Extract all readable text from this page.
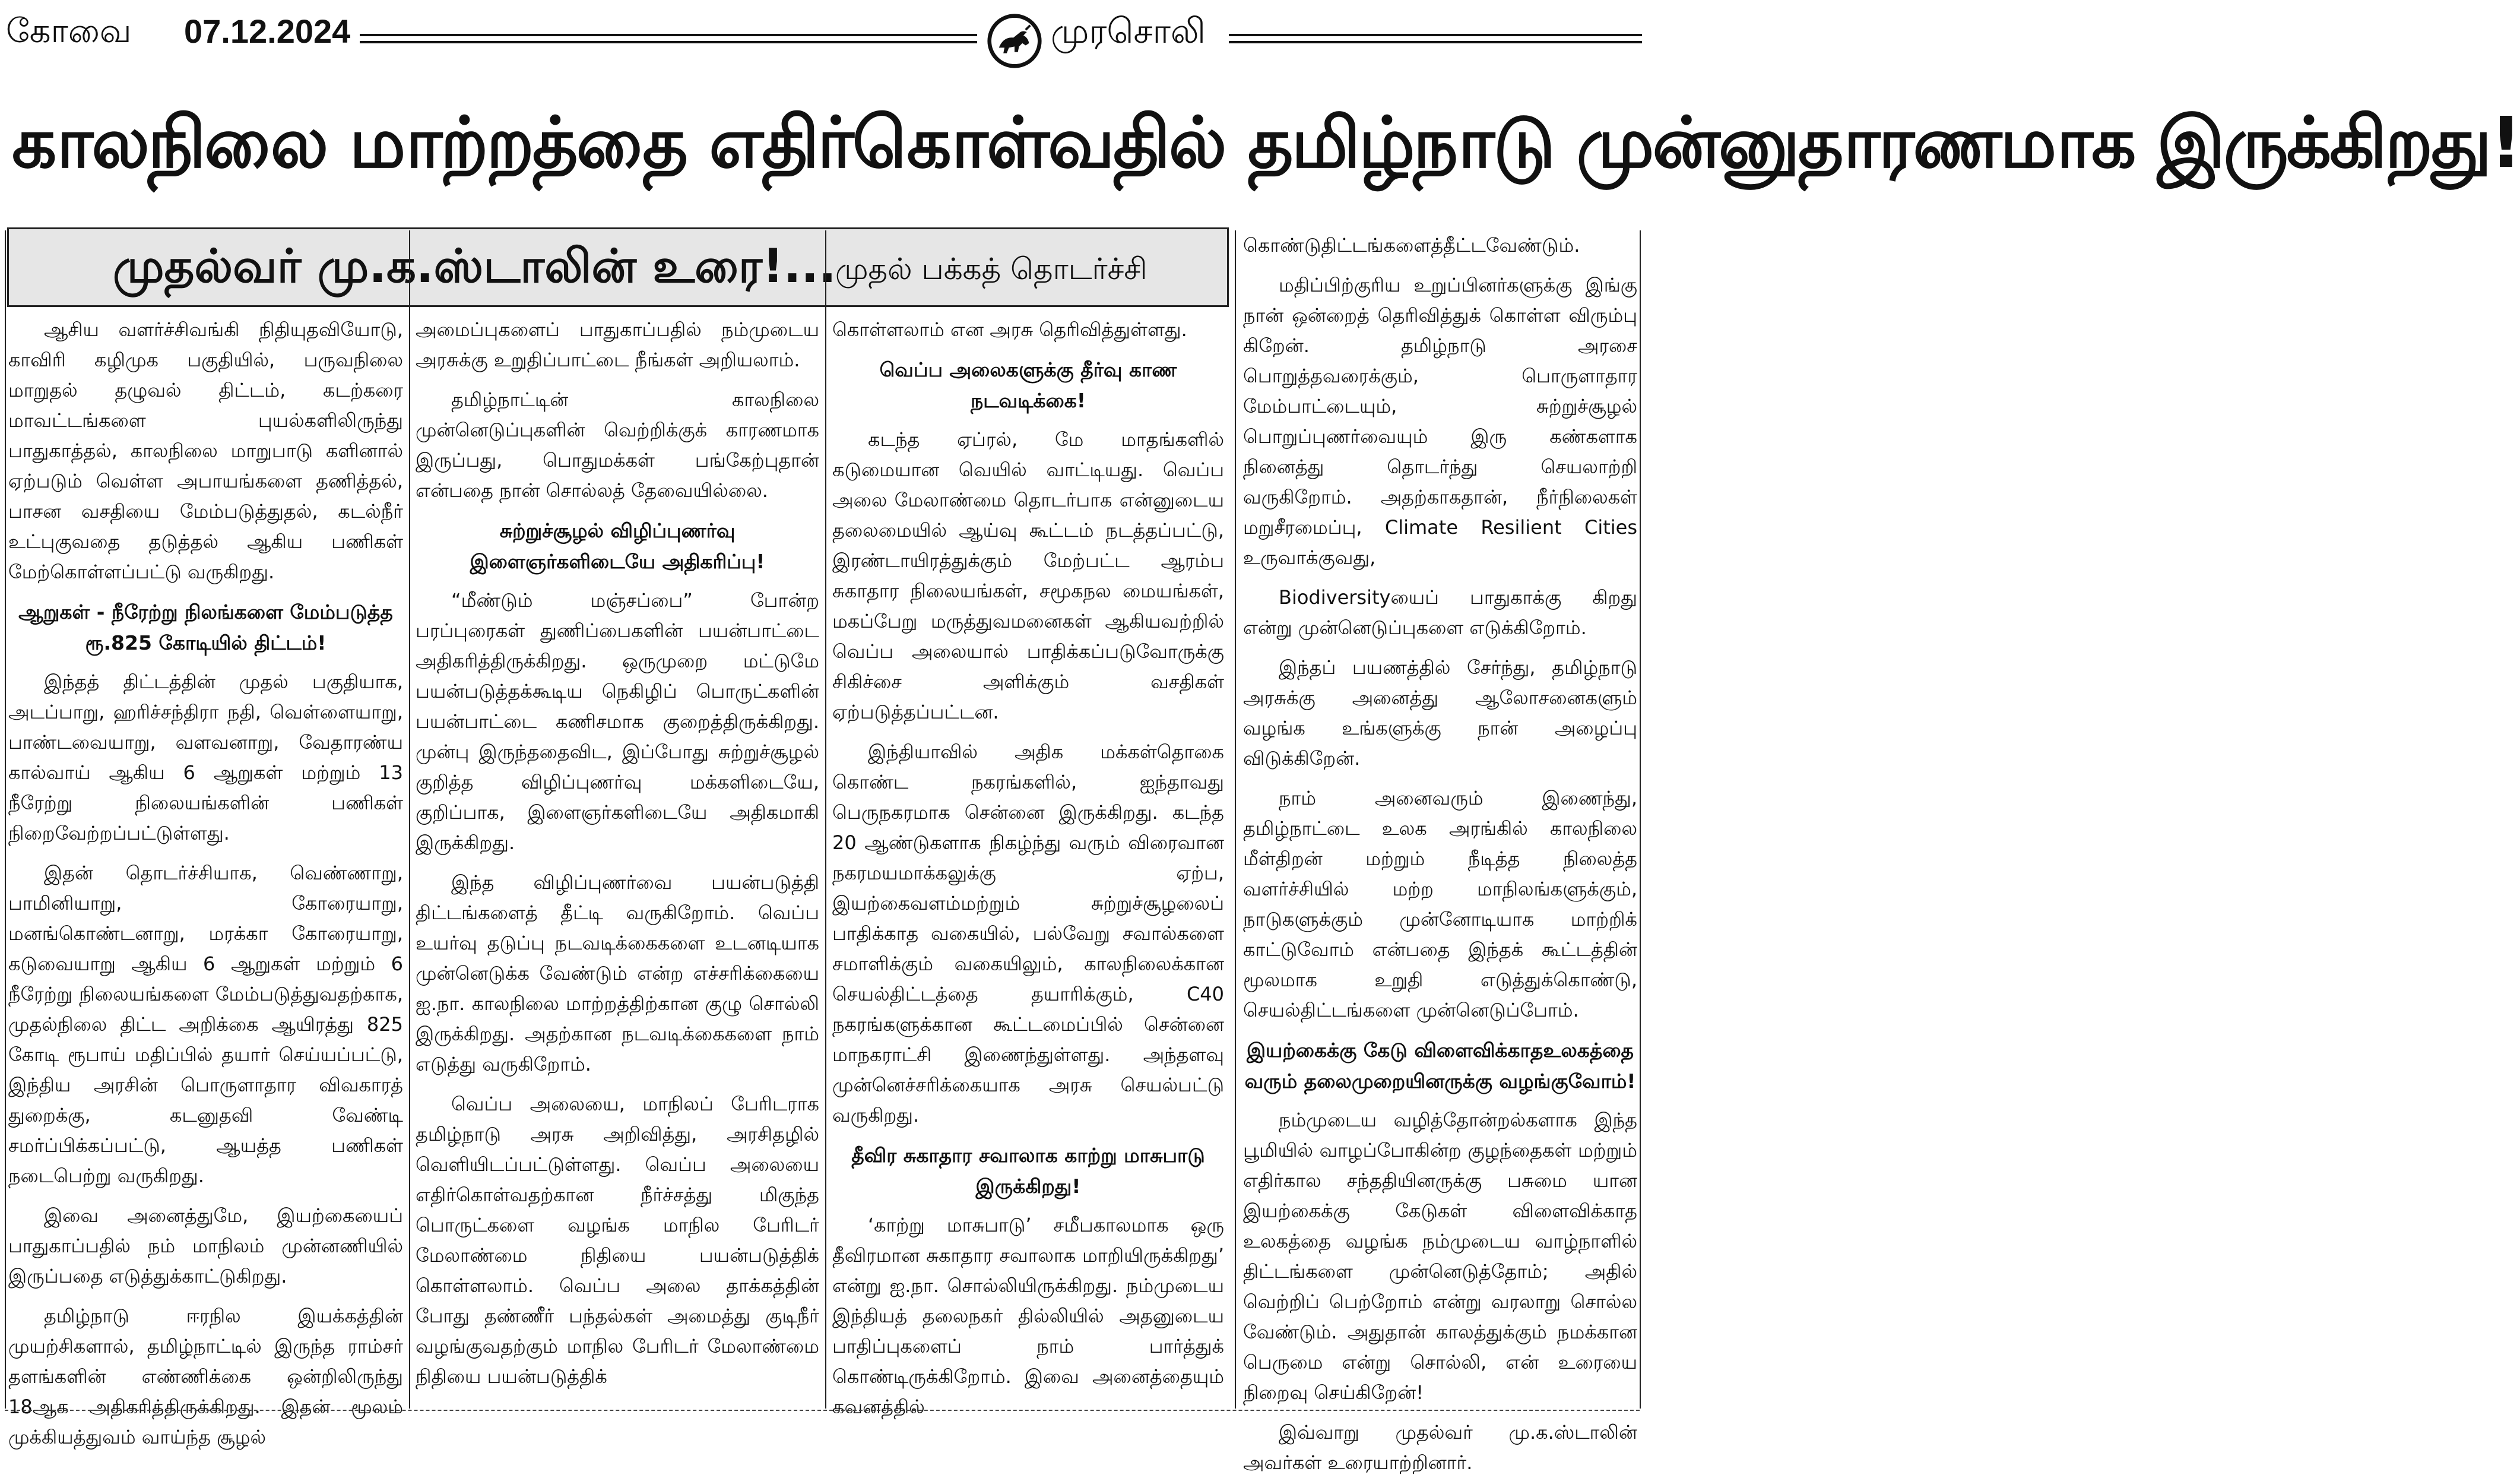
கோவை 07.12.2024	முரசொலி
காலநிலை மாற்றத்தை எதிர்கொள்வதில் தமிழ்நாடு முன்னுதாரணமாக இருக்கிறது!
முதல்வர் மு.க.ஸ்டாலின் உரை!...
முதல் பக்கத் தொடர்ச்சி

ஆசிய வளர்ச்சிவங்கி நிதியுதவியோடு, காவிரி கழிமுக பகுதியில், பருவநிலை மாறுதல் தழுவல் திட்டம், கடற்கரை மாவட்டங்களை புயல்களிலிருந்து பாதுகாத்தல், காலநிலை மாறுபாடு களினால் ஏற்படும் வெள்ள அபாயங்களை தணித்தல், பாசன வசதியை மேம்படுத்துதல், கடல்நீர் உட்புகுவதை தடுத்தல் ஆகிய பணிகள் மேற்கொள்ளப்பட்டு வருகிறது.

ஆறுகள் - நீரேற்று நிலங்களை மேம்படுத்த ரூ.825 கோடியில் திட்டம்!

இந்தத் திட்டத்தின் முதல் பகுதியாக, அடப்பாறு, ஹரிச்சந்திரா நதி, வெள்ளையாறு, பாண்டவையாறு, வளவனாறு, வேதாரண்ய கால்வாய் ஆகிய 6 ஆறுகள் மற்றும் 13 நீரேற்று நிலையங்களின் பணிகள் நிறைவேற்றப்பட்டுள்ளது.

இதன் தொடர்ச்சியாக, வெண்ணாறு, பாமினியாறு, கோரையாறு, மனங்கொண்டனாறு, மரக்கா கோரையாறு, கடுவையாறு ஆகிய 6 ஆறுகள் மற்றும் 6 நீரேற்று நிலையங்களை மேம்படுத்துவதற்காக, முதல்நிலை திட்ட அறிக்கை ஆயிரத்து 825 கோடி ரூபாய் மதிப்பில் தயார் செய்யப்பட்டு, இந்திய அரசின் பொருளாதார விவகாரத் துறைக்கு, கடனுதவி வேண்டி சமர்ப்பிக்கப்பட்டு, ஆயத்த பணிகள் நடைபெற்று வருகிறது.

இவை அனைத்துமே, இயற்கையைப் பாதுகாப்பதில் நம் மாநிலம் முன்னணியில் இருப்பதை எடுத்துக்காட்டுகிறது.

தமிழ்நாடு ஈரநில இயக்கத்தின் முயற்சிகளால், தமிழ்நாட்டில் இருந்த ராம்சர் தளங்களின் எண்ணிக்கை ஒன்றிலிருந்து 18ஆக அதிகரித்திருக்கிறது. இதன் மூலம் முக்கியத்துவம் வாய்ந்த சூழல்

அமைப்புகளைப் பாதுகாப்பதில் நம்முடைய அரசுக்கு உறுதிப்பாட்டை நீங்கள் அறியலாம்.

தமிழ்நாட்டின் காலநிலை முன்னெடுப்புகளின் வெற்றிக்குக் காரணமாக இருப்பது, பொதுமக்கள் பங்கேற்புதான் என்பதை நான் சொல்லத் தேவையில்லை.

சுற்றுச்சூழல் விழிப்புணர்வு இளைஞர்களிடையே அதிகரிப்பு!

“மீண்டும் மஞ்சப்பை” போன்ற பரப்புரைகள் துணிப்பைகளின் பயன்பாட்டை அதிகரித்திருக்கிறது. ஒருமுறை மட்டுமே பயன்படுத்தக்கூடிய நெகிழிப் பொருட்களின் பயன்பாட்டை கணிசமாக குறைத்திருக்கிறது. முன்பு இருந்ததைவிட, இப்போது சுற்றுச்சூழல் குறித்த விழிப்புணர்வு மக்களிடையே, குறிப்பாக, இளைஞர்களிடையே அதிகமாகி இருக்கிறது.

இந்த விழிப்புணர்வை பயன்படுத்தி திட்டங்களைத் தீட்டி வருகிறோம். வெப்ப உயர்வு தடுப்பு நடவடிக்கைகளை உடனடியாக முன்னெடுக்க வேண்டும் என்ற எச்சரிக்கையை ஐ.நா. காலநிலை மாற்றத்திற்கான குழு சொல்லி இருக்கிறது. அதற்கான நடவடிக்கைகளை நாம் எடுத்து வருகிறோம்.

வெப்ப அலையை, மாநிலப் பேரிடராக தமிழ்நாடு அரசு அறிவித்து, அரசிதழில் வெளியிடப்பட்டுள்ளது. வெப்ப அலையை எதிர்கொள்வதற்கான நீர்ச்சத்து மிகுந்த பொருட்களை வழங்க மாநில பேரிடர் மேலாண்மை நிதியை பயன்படுத்திக் கொள்ளலாம். வெப்ப அலை தாக்கத்தின் போது தண்ணீர் பந்தல்கள் அமைத்து குடிநீர் வழங்குவதற்கும் மாநில பேரிடர் மேலாண்மை நிதியை பயன்படுத்திக்

கொள்ளலாம் என அரசு தெரிவித்துள்ளது.

வெப்ப அலைகளுக்கு தீர்வு காண நடவடிக்கை!

கடந்த ஏப்ரல், மே மாதங்களில் கடுமையான வெயில் வாட்டியது. வெப்ப அலை மேலாண்மை தொடர்பாக என்னுடைய தலைமையில் ஆய்வு கூட்டம் நடத்தப்பட்டு, இரண்டாயிரத்துக்கும் மேற்பட்ட ஆரம்ப சுகாதார நிலையங்கள், சமூகநல மையங்கள், மகப்பேறு மருத்துவமனைகள் ஆகியவற்றில் வெப்ப அலையால் பாதிக்கப்படுவோருக்கு சிகிச்சை அளிக்கும் வசதிகள் ஏற்படுத்தப்பட்டன.

இந்தியாவில் அதிக மக்கள்தொகை கொண்ட நகரங்களில், ஐந்தாவது பெருநகரமாக சென்னை இருக்கிறது. கடந்த 20 ஆண்டுகளாக நிகழ்ந்து வரும் விரைவான நகரமயமாக்கலுக்கு ஏற்ப, இயற்கைவளம்மற்றும் சுற்றுச்சூழலைப் பாதிக்காத வகையில், பல்வேறு சவால்களை சமாளிக்கும் வகையிலும், காலநிலைக்கான செயல்திட்டத்தை தயாரிக்கும், C40 நகரங்களுக்கான கூட்டமைப்பில் சென்னை மாநகராட்சி இணைந்துள்ளது. அந்தளவு முன்னெச்சரிக்கையாக அரசு செயல்பட்டு வருகிறது.

தீவிர சுகாதார சவாலாக காற்று மாசுபாடு இருக்கிறது!

‘காற்று மாசுபாடு’ சமீபகாலமாக ஒரு தீவிரமான சுகாதார சவாலாக மாறியிருக்கிறது’ என்று ஐ.நா. சொல்லியிருக்கிறது. நம்முடைய இந்தியத் தலைநகர் தில்லியில் அதனுடைய பாதிப்புகளைப் நாம் பார்த்துக் கொண்டிருக்கிறோம். இவை அனைத்தையும் கவனத்தில்

கொண்டுதிட்டங்களைத்தீட்டவேண்டும்.

மதிப்பிற்குரிய உறுப்பினர்களுக்கு இங்கு நான் ஒன்றைத் தெரிவித்துக் கொள்ள விரும்பு கிறேன். தமிழ்நாடு அரசை பொறுத்தவரைக்கும், பொருளாதார மேம்பாட்டையும், சுற்றுச்சூழல் பொறுப்புணர்வையும் இரு கண்களாக நினைத்து தொடர்ந்து செயலாற்றி வருகிறோம். அதற்காகதான், நீர்நிலைகள் மறுசீரமைப்பு, Climate Resilient Cities உருவாக்குவது,

Biodiversityயைப் பாதுகாக்கு கிறது என்று முன்னெடுப்புகளை எடுக்கிறோம்.

இந்தப் பயணத்தில் சேர்ந்து, தமிழ்நாடு அரசுக்கு அனைத்து ஆலோசனைகளும் வழங்க உங்களுக்கு நான் அழைப்பு விடுக்கிறேன்.

நாம் அனைவரும் இணைந்து, தமிழ்நாட்டை உலக அரங்கில் காலநிலை மீள்திறன் மற்றும் நீடித்த நிலைத்த வளர்ச்சியில் மற்ற மாநிலங்களுக்கும், நாடுகளுக்கும் முன்னோடியாக மாற்றிக் காட்டுவோம் என்பதை இந்தக் கூட்டத்தின் மூலமாக உறுதி எடுத்துக்கொண்டு, செயல்திட்டங்களை முன்னெடுப்போம்.

இயற்கைக்கு கேடு விளைவிக்காதஉலகத்தை வரும் தலைமுறையினருக்கு வழங்குவோம்!

நம்முடைய வழித்தோன்றல்களாக இந்த பூமியில் வாழப்போகின்ற குழந்தைகள் மற்றும் எதிர்கால சந்ததியினருக்கு பசுமை யான இயற்கைக்கு கேடுகள் விளைவிக்காத உலகத்தை வழங்க நம்முடைய வாழ்நாளில் திட்டங்களை முன்னெடுத்தோம்; அதில் வெற்றிப் பெற்றோம் என்று வரலாறு சொல்ல வேண்டும். அதுதான் காலத்துக்கும் நமக்கான பெருமை என்று சொல்லி, என் உரையை நிறைவு செய்கிறேன்!

இவ்வாறு முதல்வர் மு.க.ஸ்டாலின் அவர்கள் உரையாற்றினார்.
